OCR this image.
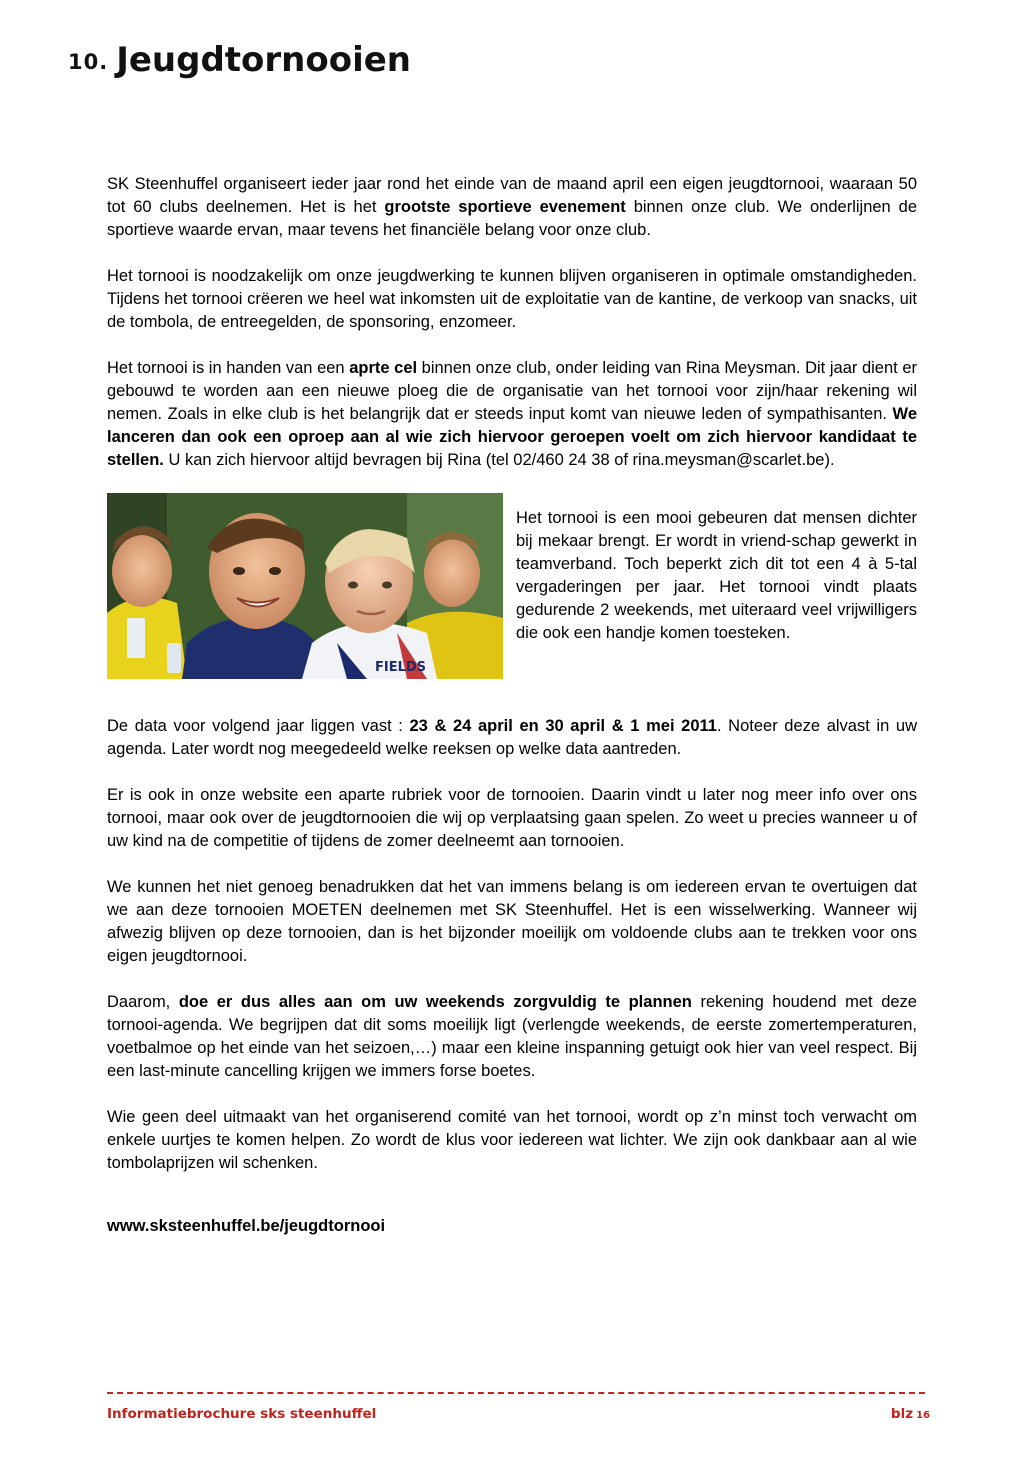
10. Jeugdtornooien

SK Steenhuffel organiseert ieder jaar rond het einde van de maand april een eigen jeugdtornooi, waaraan 50 tot 60 clubs deelnemen. Het is het grootste sportieve evenement binnen onze club. We onderlijnen de sportieve waarde ervan, maar tevens het financiële belang voor onze club.

Het tornooi is noodzakelijk om onze jeugdwerking te kunnen blijven organiseren in optimale omstandigheden. Tijdens het tornooi crëeren we heel wat inkomsten uit de exploitatie van de kantine, de verkoop van snacks, uit de tombola, de entreegelden, de sponsoring, enzomeer.

Het tornooi is in handen van een aprte cel binnen onze club, onder leiding van Rina Meysman. Dit jaar dient er gebouwd te worden aan een nieuwe ploeg die de organisatie van het tornooi voor zijn/haar rekening wil nemen. Zoals in elke club is het belangrijk dat er steeds input komt van nieuwe leden of sympathisanten. We lanceren dan ook een oproep aan al wie zich hiervoor geroepen voelt om zich hiervoor kandidaat te stellen. U kan zich hiervoor altijd bevragen bij Rina (tel 02/460 24 38 of rina.meysman@scarlet.be).

FIELDS
Het tornooi is een mooi gebeuren dat mensen dichter bij mekaar brengt. Er wordt in vriend-schap gewerkt in teamverband. Toch beperkt zich dit tot een 4 à 5-tal vergaderingen per jaar. Het tornooi vindt plaats gedurende 2 weekends, met uiteraard veel vrijwilligers die ook een handje komen toesteken.

De data voor volgend jaar liggen vast : 23 & 24 april en 30 april & 1 mei 2011. Noteer deze alvast in uw agenda. Later wordt nog meegedeeld welke reeksen op welke data aantreden.

Er is ook in onze website een aparte rubriek voor de tornooien. Daarin vindt u later nog meer info over ons tornooi, maar ook over de jeugdtornooien die wij op verplaatsing gaan spelen. Zo weet u precies wanneer u of uw kind na de competitie of tijdens de zomer deelneemt aan tornooien.

We kunnen het niet genoeg benadrukken dat het van immens belang is om iedereen ervan te overtuigen dat we aan deze tornooien MOETEN deelnemen met SK Steenhuffel. Het is een wisselwerking. Wanneer wij afwezig blijven op deze tornooien, dan is het bijzonder moeilijk om voldoende clubs aan te trekken voor ons eigen jeugdtornooi.

Daarom, doe er dus alles aan om uw weekends zorgvuldig te plannen rekening houdend met deze tornooi-agenda. We begrijpen dat dit soms moeilijk ligt (verlengde weekends, de eerste zomertemperaturen, voetbalmoe op het einde van het seizoen,…) maar een kleine inspanning getuigt ook hier van veel respect. Bij een last-minute cancelling krijgen we immers forse boetes.

Wie geen deel uitmaakt van het organiserend comité van het tornooi, wordt op z’n minst toch verwacht om enkele uurtjes te komen helpen. Zo wordt de klus voor iedereen wat lichter. We zijn ook dankbaar aan al wie tombolaprijzen wil schenken.

www.sksteenhuffel.be/jeugdtornooi
Informatiebrochure sks steenhuffel	blz 16
